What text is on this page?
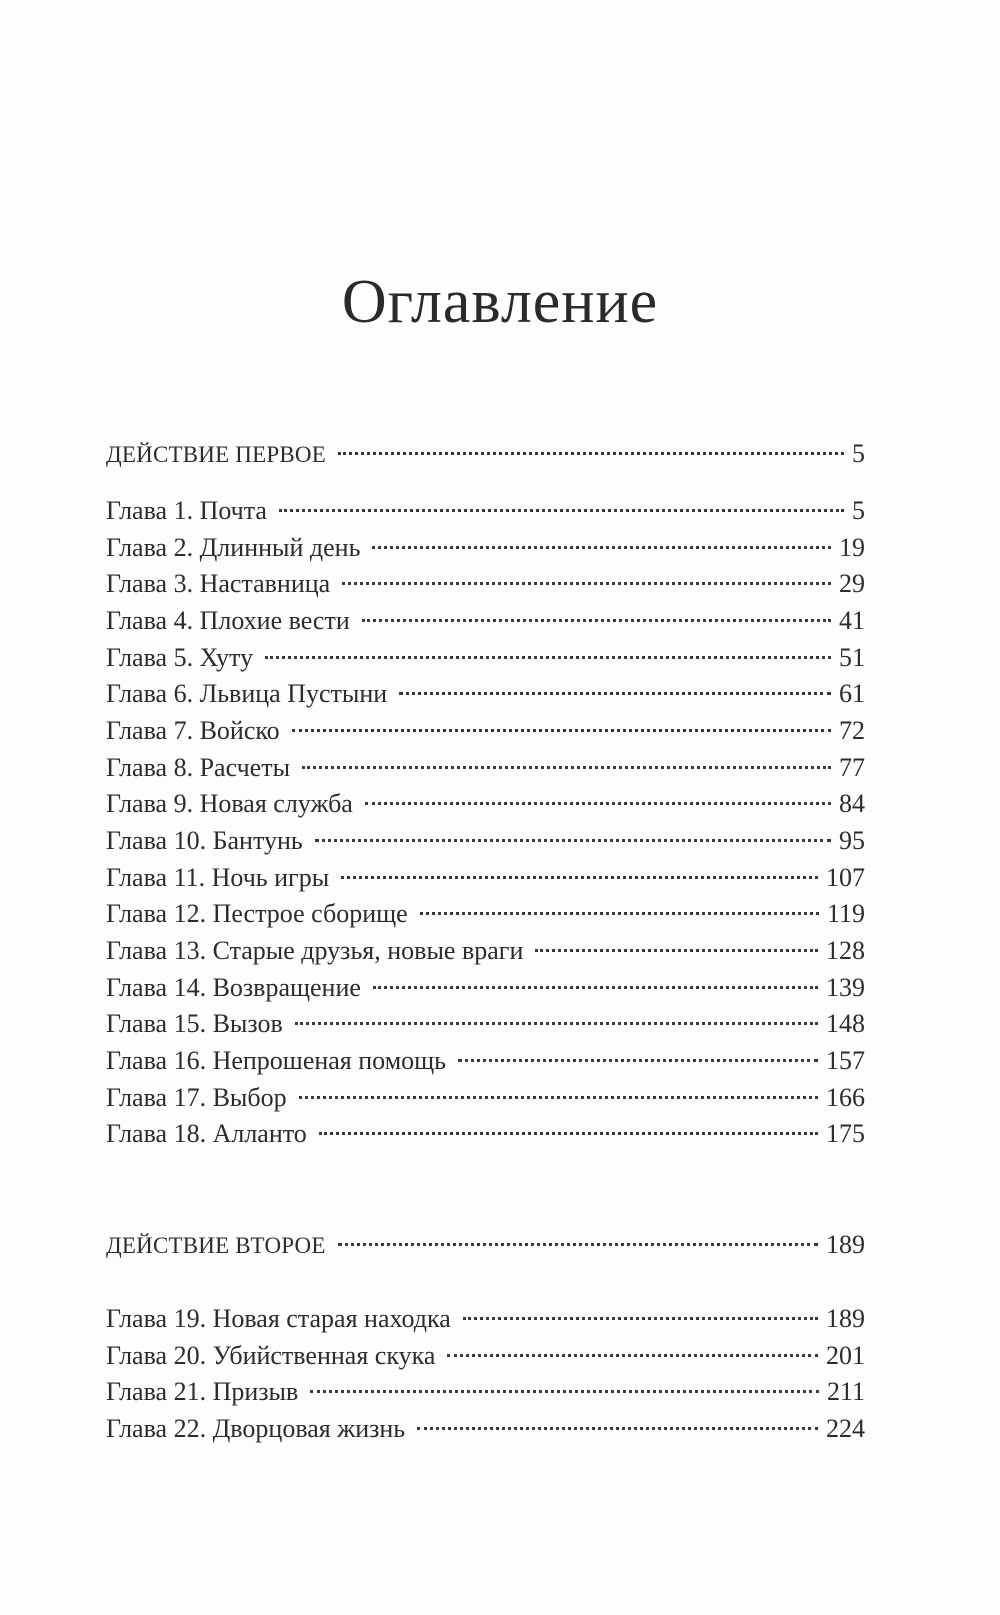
Оглавление
ДЕЙСТВИЕ ПЕРВОЕ	5
Глава 1. Почта	5
Глава 2. Длинный день	19
Глава 3. Наставница	29
Глава 4. Плохие вести	41
Глава 5. Хуту	51
Глава 6. Львица Пустыни	61
Глава 7. Войско	72
Глава 8. Расчеты	77
Глава 9. Новая служба	84
Глава 10. Бантунь	95
Глава 11. Ночь игры	107
Глава 12. Пестрое сборище	119
Глава 13. Старые друзья, новые враги	128
Глава 14. Возвращение	139
Глава 15. Вызов	148
Глава 16. Непрошеная помощь	157
Глава 17. Выбор	166
Глава 18. Алланто	175
ДЕЙСТВИЕ ВТОРОЕ	189
Глава 19. Новая старая находка	189
Глава 20. Убийственная скука	201
Глава 21. Призыв	211
Глава 22. Дворцовая жизнь	224
